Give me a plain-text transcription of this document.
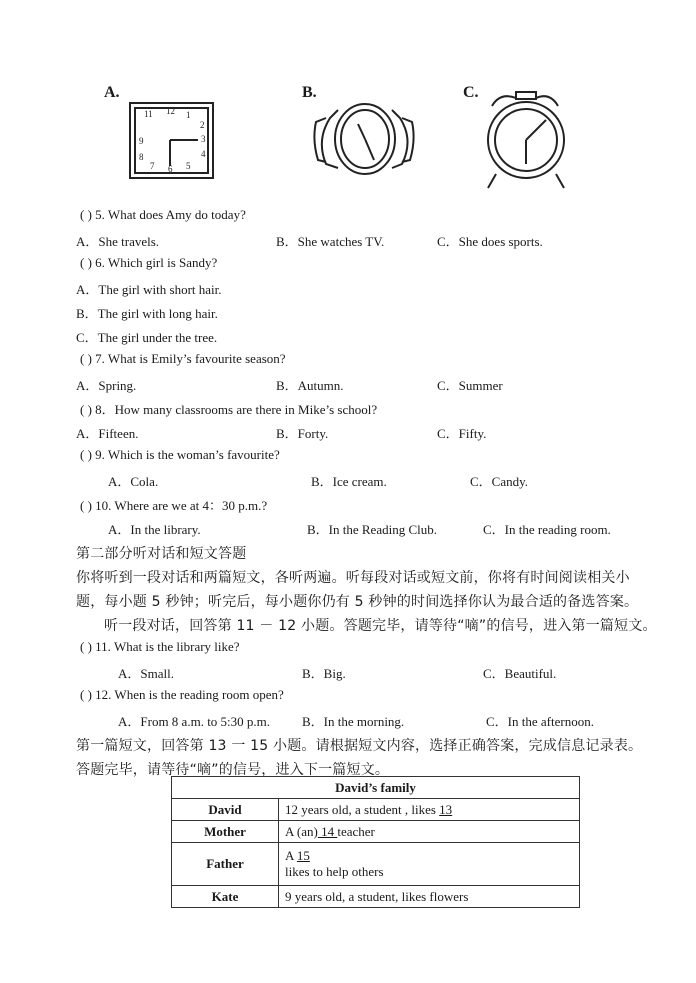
12
11	1
2
3
4
5
6
7
8
9
A.	B.	C.
( ) 5. What does Amy do today?
A．She travels.	B．She watches TV.	C．She does sports.
( ) 6. Which girl is Sandy?
A．The girl with short hair.
B．The girl with long hair.
C．The girl under the tree.
( ) 7. What is Emily’s favourite season?
A．Spring.	B．Autumn.	C．Summer
( ) 8．How many classrooms are there in Mike’s school?
A．Fifteen.	B．Forty.	C．Fifty.
( ) 9. Which is the woman’s favourite?
A．Cola.	B．Ice cream.	C．Candy.
( ) 10. Where are we at 4：30 p.m.?
A．In the library.	B．In the Reading Club.	C．In the reading room.
第二部分听对话和短文答题
你将听到一段对话和两篇短文，各听两遍。听每段对话或短文前，你将有时间阅读相关小
题，每小题 5 秒钟；听完后，每小题你仍有 5 秒钟的时间选择你认为最合适的备选答案。
听一段对话，回答第 11 － 12 小题。答题完毕，请等待“嘀”的信号，进入第一篇短文。
( ) 11. What is the library like?
A．Small.	B．Big.	C．Beautiful.
( ) 12. When is the reading room open?
A．From 8 a.m. to 5:30 p.m. B．In the morning.	C．In the afternoon.
第一篇短文，回答第 13 一 15 小题。请根据短文内容，选择正确答案，完成信息记录表。
答题完毕，请等待“嘀”的信号，进入下一篇短文。
David’s family	
David	12 years old, a student , likes 13
Mother	A (an) 14 teacher
Father	A 15
likes to help others
Kate	9 years old, a student, likes flowers
